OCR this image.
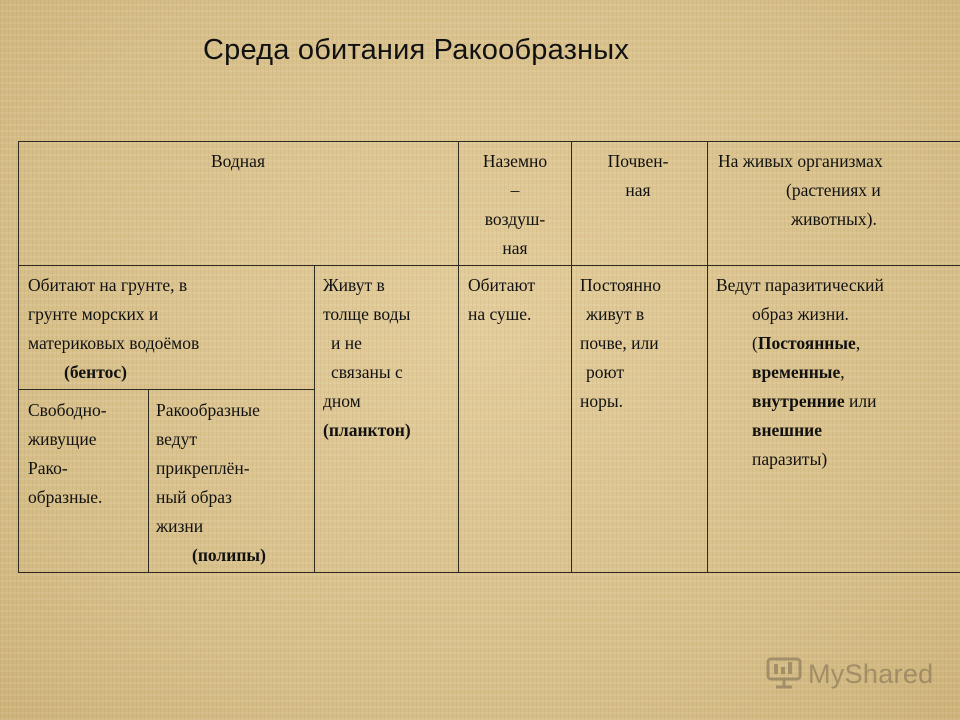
Среда обитания Ракообразных
Водная	Наземно
–
воздуш-
ная
Почвен-
ная
На живых организмах
(растениях и
животных).
Обитают на грунте, в
грунте морских и
материковых водоёмов
(бентос)
Живут в
толще воды
и не
связаны с
дном
(планктон)
Обитают
на суше.
Постоянно
живут в
почве, или
роют
норы.
Ведут паразитический
образ жизни.
(Постоянные,
временные,
внутренние или
внешние
паразиты)
Свободно-
живущие
Рако-
образные.
Ракообразные
ведут
прикреплён-
ный образ
жизни
(полипы)
MyShared
